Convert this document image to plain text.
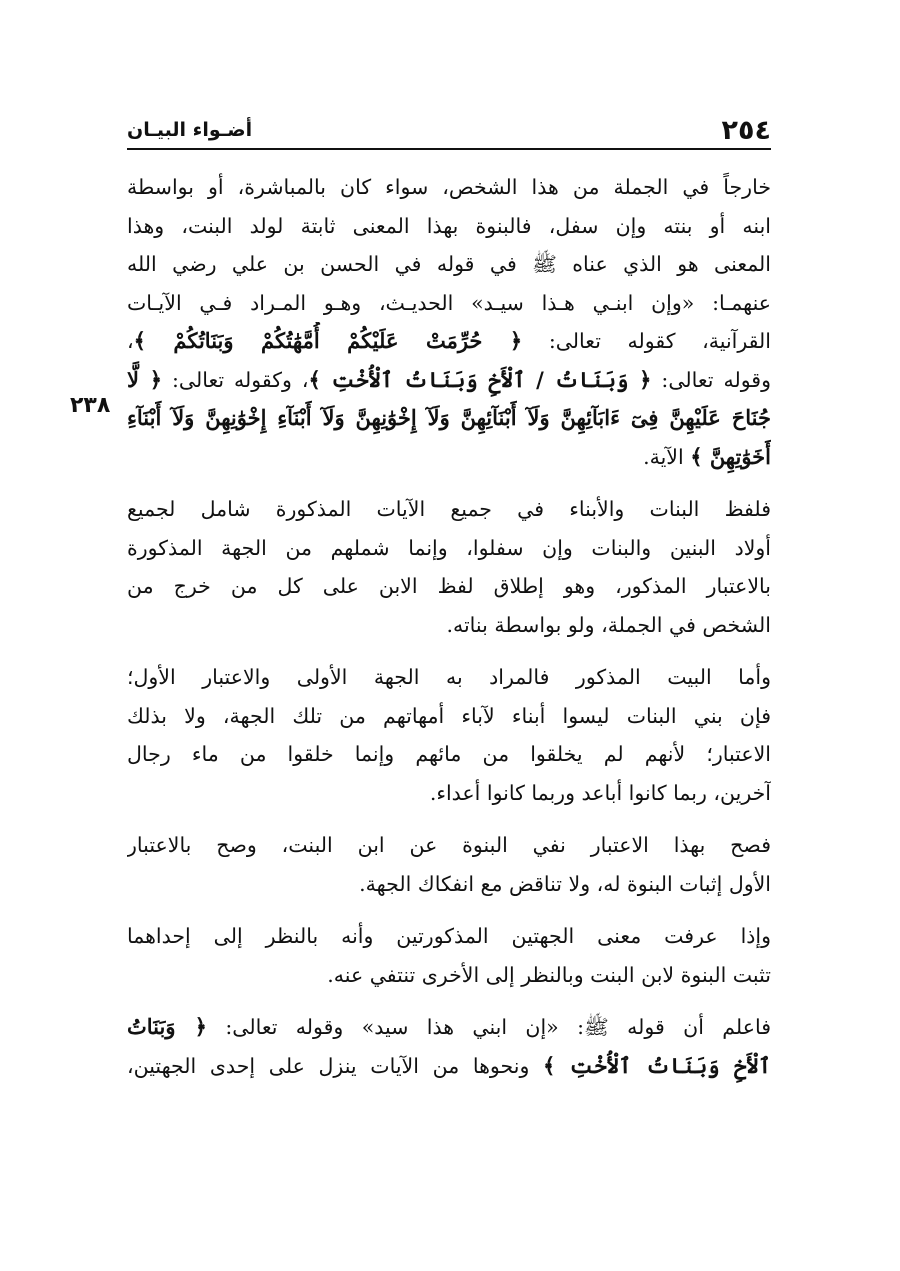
٢٥٤
أضـواء البيـان
٢٣٨
خارجاً في الجملة من هذا الشخص، سواء كان بالمباشرة، أو بواسطة
ابنه أو بنته وإن سفل، فالبنوة بهذا المعنى ثابتة لولد البنت، وهذا
المعنى هو الذي عناه ﷺ في قوله في الحسن بن علي رضي الله
عنهمـا: «وإن ابنـي هـذا سيـد» الحديـث، وهـو المـراد فـي الآيـات
القرآنية، كقوله تعالى: ﴿ حُرِّمَتْ عَلَيْكُمْ أُمَّهَٰتُكُمْ وَبَنَاتُكُمْ ﴾،
وقوله تعالى: ﴿ وَبَنَاتُ / ٱلْأَخِ وَبَنَاتُ ٱلْأُخْتِ ﴾، وكقوله تعالى: ﴿ لَّا
جُنَاحَ عَلَيْهِنَّ فِىٓ ءَابَآئِهِنَّ وَلَآ أَبْنَآئِهِنَّ وَلَآ إِخْوَٰنِهِنَّ وَلَآ أَبْنَآءِ إِخْوَٰنِهِنَّ وَلَآ أَبْنَآءِ
أَخَوَٰتِهِنَّ ﴾ الآية.
فلفظ البنات والأبناء في جميع الآيات المذكورة شامل لجميع
أولاد البنين والبنات وإن سفلوا، وإنما شملهم من الجهة المذكورة
بالاعتبار المذكور، وهو إطلاق لفظ الابن على كل من خرج من
الشخص في الجملة، ولو بواسطة بناته.
وأما البيت المذكور فالمراد به الجهة الأولى والاعتبار الأول؛
فإن بني البنات ليسوا أبناء لآباء أمهاتهم من تلك الجهة، ولا بذلك
الاعتبار؛ لأنهم لم يخلقوا من مائهم وإنما خلقوا من ماء رجال
آخرين، ربما كانوا أباعد وربما كانوا أعداء.
فصح بهذا الاعتبار نفي البنوة عن ابن البنت، وصح بالاعتبار
الأول إثبات البنوة له، ولا تناقض مع انفكاك الجهة.
وإذا عرفت معنى الجهتين المذكورتين وأنه بالنظر إلى إحداهما
تثبت البنوة لابن البنت وبالنظر إلى الأخرى تنتفي عنه.
فاعلم أن قوله ﷺ: «إن ابني هذا سيد» وقوله تعالى: ﴿ وَبَنَاتُ
ٱلْأَخِ وَبَنَاتُ ٱلْأُخْتِ ﴾ ونحوها من الآيات ينزل على إحدى الجهتين،
